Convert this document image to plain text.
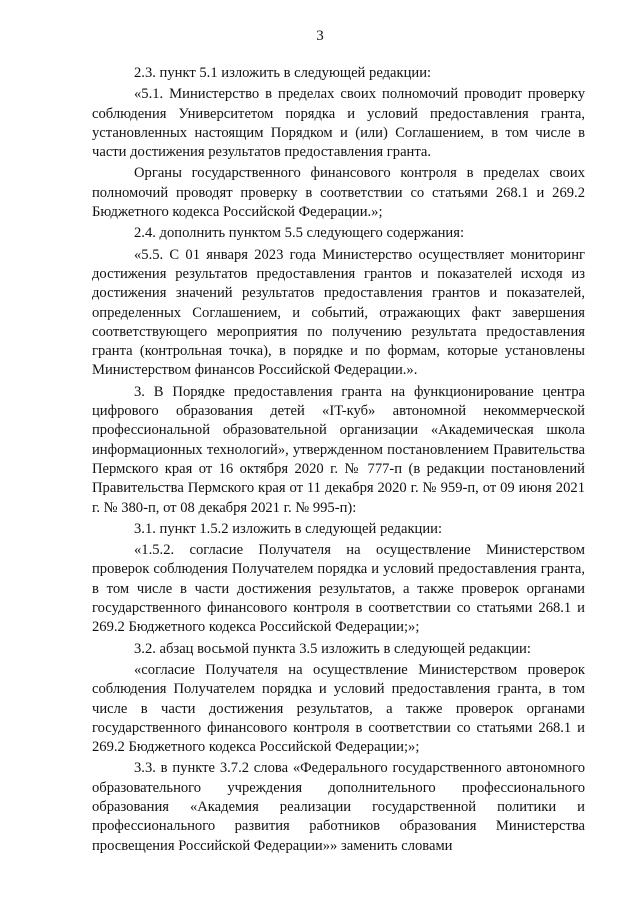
3

2.3. пункт 5.1 изложить в следующей редакции:

«5.1. Министерство в пределах своих полномочий проводит проверку соблюдения Университетом порядка и условий предоставления гранта, установленных настоящим Порядком и (или) Соглашением, в том числе в части достижения результатов предоставления гранта.

Органы государственного финансового контроля в пределах своих полномочий проводят проверку в соответствии со статьями 268.1 и 269.2 Бюджетного кодекса Российской Федерации.»;

2.4. дополнить пунктом 5.5 следующего содержания:

«5.5. С 01 января 2023 года Министерство осуществляет мониторинг достижения результатов предоставления грантов и показателей исходя из достижения значений результатов предоставления грантов и показателей, определенных Соглашением, и событий, отражающих факт завершения соответствующего мероприятия по получению результата предоставления гранта (контрольная точка), в порядке и по формам, которые установлены Министерством финансов Российской Федерации.».

3. В Порядке предоставления гранта на функционирование центра цифрового образования детей «IT-куб» автономной некоммерческой профессиональной образовательной организации «Академическая школа информационных технологий», утвержденном постановлением Правительства Пермского края от 16 октября 2020 г. № 777-п (в редакции постановлений Правительства Пермского края от 11 декабря 2020 г. № 959-п, от 09 июня 2021 г. № 380-п, от 08 декабря 2021 г. № 995-п):

3.1. пункт 1.5.2 изложить в следующей редакции:

«1.5.2. согласие Получателя на осуществление Министерством проверок соблюдения Получателем порядка и условий предоставления гранта, в том числе в части достижения результатов, а также проверок органами государственного финансового контроля в соответствии со статьями 268.1 и 269.2 Бюджетного кодекса Российской Федерации;»;

3.2. абзац восьмой пункта 3.5 изложить в следующей редакции:

«согласие Получателя на осуществление Министерством проверок соблюдения Получателем порядка и условий предоставления гранта, в том числе в части достижения результатов, а также проверок органами государственного финансового контроля в соответствии со статьями 268.1 и 269.2 Бюджетного кодекса Российской Федерации;»;

3.3. в пункте 3.7.2 слова «Федерального государственного автономного образовательного учреждения дополнительного профессионального образования «Академия реализации государственной политики и профессионального развития работников образования Министерства просвещения Российской Федерации»» заменить словами
